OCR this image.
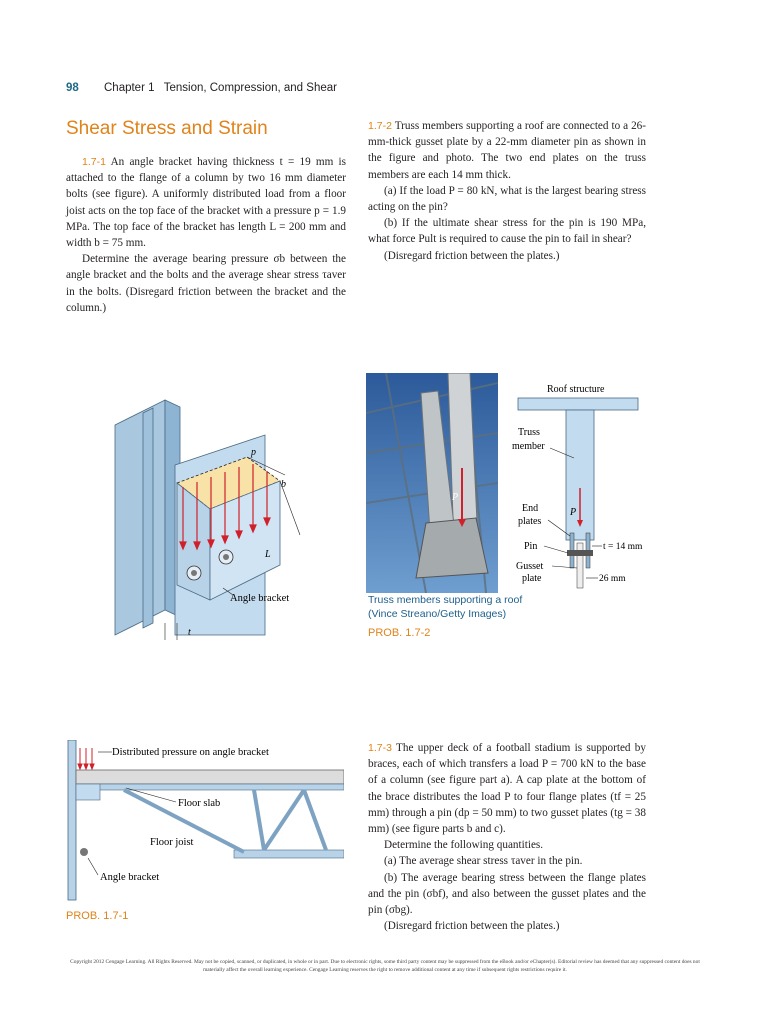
98 Chapter 1 Tension, Compression, and Shear
Shear Stress and Strain

1.7-1 An angle bracket having thickness t = 19 mm is attached to the flange of a column by two 16 mm diameter bolts (see figure). A uniformly distributed load from a floor joist acts on the top face of the bracket with a pressure p = 1.9 MPa. The top face of the bracket has length L = 200 mm and width b = 75 mm.

Determine the average bearing pressure σb between the angle bracket and the bolts and the average shear stress τaver in the bolts. (Disregard friction between the bracket and the column.)

1.7-2 Truss members supporting a roof are connected to a 26-mm-thick gusset plate by a 22-mm diameter pin as shown in the figure and photo. The two end plates on the truss members are each 14 mm thick.

(a) If the load P = 80 kN, what is the largest bearing stress acting on the pin?

(b) If the ultimate shear stress for the pin is 190 MPa, what force Pult is required to cause the pin to fail in shear?

(Disregard friction between the plates.)

p
b
L
t
Angle bracket
P
Roof structure
P
Truss
member
End
plates
Pin
Gusset
plate
t = 14 mm
26 mm
Truss members supporting a roof
(Vince Streano/Getty Images)
PROB. 1.7-2
Distributed pressure on angle bracket
Floor slab
Floor joist
Angle bracket
PROB. 1.7-1

1.7-3 The upper deck of a football stadium is supported by braces, each of which transfers a load P = 700 kN to the base of a column (see figure part a). A cap plate at the bottom of the brace distributes the load P to four flange plates (tf = 25 mm) through a pin (dp = 50 mm) to two gusset plates (tg = 38 mm) (see figure parts b and c).

Determine the following quantities.

(a) The average shear stress τaver in the pin.

(b) The average bearing stress between the flange plates and the pin (σbf), and also between the gusset plates and the pin (σbg).

(Disregard friction between the plates.)

Copyright 2012 Cengage Learning. All Rights Reserved. May not be copied, scanned, or duplicated, in whole or in part. Due to electronic rights, some third party content may be suppressed from the eBook and/or eChapter(s). Editorial review has deemed that any suppressed content does not materially affect the overall learning experience. Cengage Learning reserves the right to remove additional content at any time if subsequent rights restrictions require it.
